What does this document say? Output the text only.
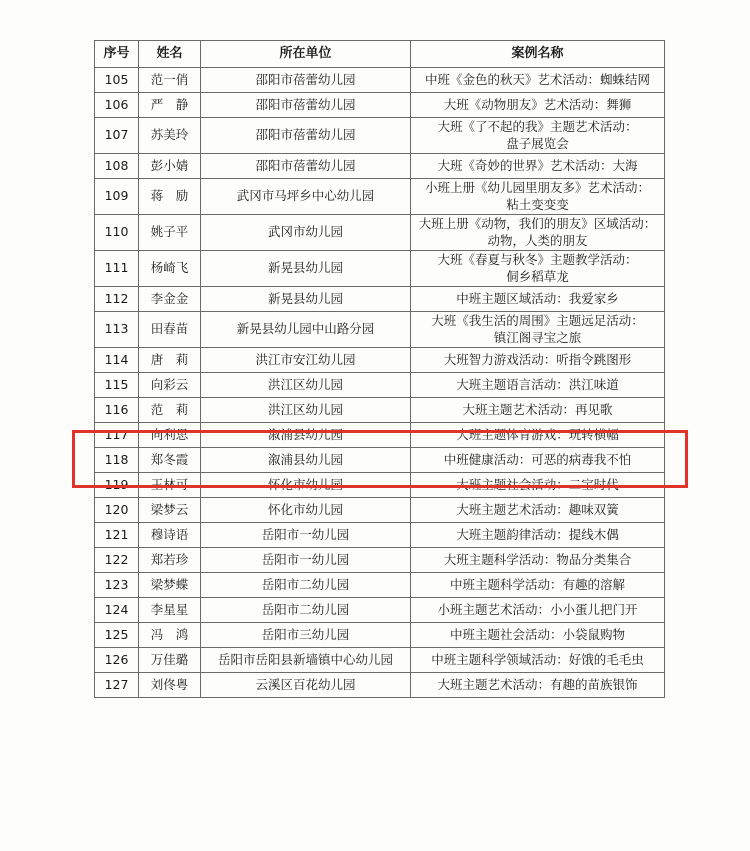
序号	姓名	所在单位	案例名称
105	范一俏	邵阳市蓓蕾幼儿园	中班《金色的秋天》艺术活动：蜘蛛结网

106	严　静	邵阳市蓓蕾幼儿园	大班《动物朋友》艺术活动：舞狮

107	苏美玲	邵阳市蓓蕾幼儿园	大班《了不起的我》主题艺术活动：
盘子展览会

108	彭小婧	邵阳市蓓蕾幼儿园	大班《奇妙的世界》艺术活动：大海

109	蒋　励	武冈市马坪乡中心幼儿园	小班上册《幼儿园里朋友多》艺术活动：
粘土变变变

110	姚子平	武冈市幼儿园	大班上册《动物，我们的朋友》区域活动：
动物，人类的朋友

111	杨崎飞	新晃县幼儿园	大班《春夏与秋冬》主题教学活动：
侗乡稻草龙

112	李金金	新晃县幼儿园	中班主题区域活动：我爱家乡

113	田春苗	新晃县幼儿园中山路分园	大班《我生活的周围》主题远足活动：
镇江阁寻宝之旅

114	唐　莉	洪江市安江幼儿园	大班智力游戏活动：听指令跳图形

115	向彩云	洪江区幼儿园	大班主题语言活动：洪江味道

116	范　莉	洪江区幼儿园	大班主题艺术活动：再见歌

117	向利思	溆浦县幼儿园	大班主题体育游戏：玩转横幅

118	郑冬霞	溆浦县幼儿园	中班健康活动：可恶的病毒我不怕

119	王林可	怀化市幼儿园	大班主题社会活动：二宝时代

120	梁梦云	怀化市幼儿园	大班主题艺术活动：趣味双簧

121	穆诗语	岳阳市一幼儿园	大班主题韵律活动：提线木偶

122	郑若珍	岳阳市一幼儿园	大班主题科学活动：物品分类集合

123	梁梦蝶	岳阳市二幼儿园	中班主题科学活动：有趣的溶解

124	李星星	岳阳市二幼儿园	小班主题艺术活动：小小蛋儿把门开

125	冯　鸿	岳阳市三幼儿园	中班主题社会活动：小袋鼠购物

126	万佳璐	岳阳市岳阳县新墙镇中心幼儿园	中班主题科学领域活动：好饿的毛毛虫

127	刘佟粤	云溪区百花幼儿园	大班主题艺术活动：有趣的苗族银饰
